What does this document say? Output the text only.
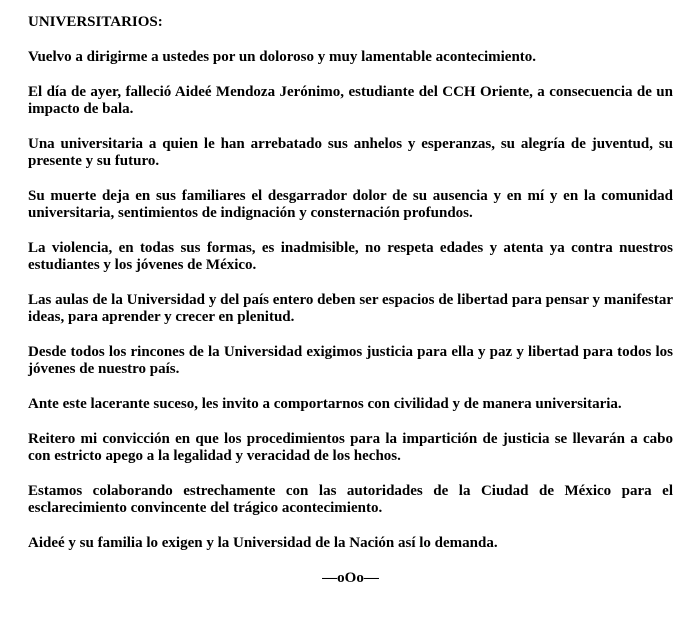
UNIVERSITARIOS:

Vuelvo a dirigirme a ustedes por un doloroso y muy lamentable acontecimiento.

El día de ayer, falleció Aideé Mendoza Jerónimo, estudiante del CCH Oriente, a consecuencia de un impacto de bala.

Una universitaria a quien le han arrebatado sus anhelos y esperanzas, su alegría de juventud, su presente y su futuro.

Su muerte deja en sus familiares el desgarrador dolor de su ausencia y en mí y en la comunidad universitaria, sentimientos de indignación y consternación profundos.

La violencia, en todas sus formas, es inadmisible, no respeta edades y atenta ya contra nuestros estudiantes y los jóvenes de México.

Las aulas de la Universidad y del país entero deben ser espacios de libertad para pensar y manifestar ideas, para aprender y crecer en plenitud.

Desde todos los rincones de la Universidad exigimos justicia para ella y paz y libertad para todos los jóvenes de nuestro país.

Ante este lacerante suceso, les invito a comportarnos con civilidad y de manera universitaria.

Reitero mi convicción en que los procedimientos para la impartición de justicia se llevarán a cabo con estricto apego a la legalidad y veracidad de los hechos.

Estamos colaborando estrechamente con las autoridades de la Ciudad de México para el esclarecimiento convincente del trágico acontecimiento.

Aideé y su familia lo exigen y la Universidad de la Nación así lo demanda.

—oOo—
